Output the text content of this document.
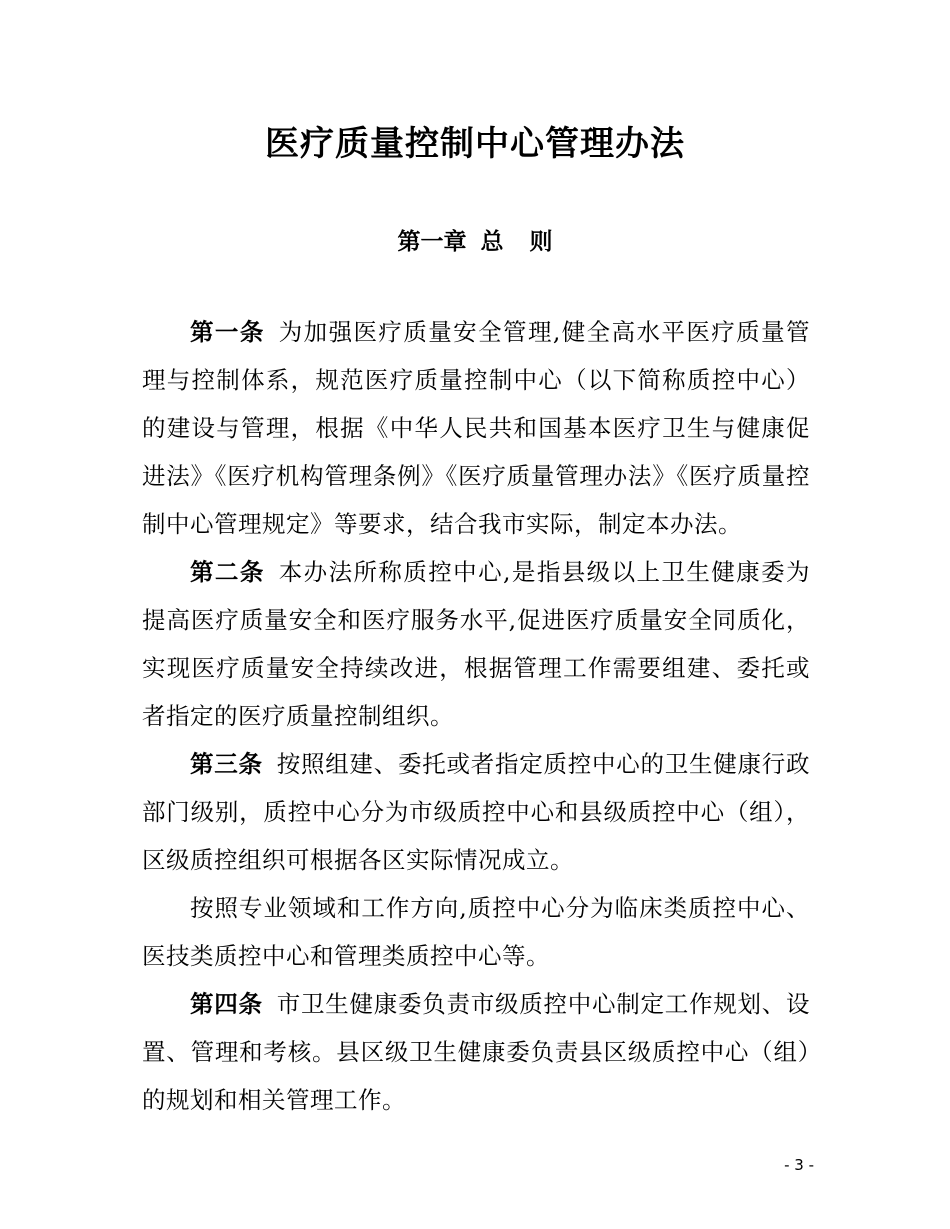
医疗质量控制中心管理办法
第一章 总 则

第一条 为加强医疗质量安全管理,健全高水平医疗质量管理与控制体系，规范医疗质量控制中心（以下简称质控中心）的建设与管理，根据《中华人民共和国基本医疗卫生与健康促进法》《医疗机构管理条例》《医疗质量管理办法》《医疗质量控制中心管理规定》等要求，结合我市实际，制定本办法。

第二条 本办法所称质控中心,是指县级以上卫生健康委为提高医疗质量安全和医疗服务水平,促进医疗质量安全同质化，实现医疗质量安全持续改进，根据管理工作需要组建、委托或者指定的医疗质量控制组织。

第三条 按照组建、委托或者指定质控中心的卫生健康行政部门级别，质控中心分为市级质控中心和县级质控中心（组），区级质控组织可根据各区实际情况成立。

按照专业领域和工作方向,质控中心分为临床类质控中心、医技类质控中心和管理类质控中心等。

第四条 市卫生健康委负责市级质控中心制定工作规划、设置、管理和考核。县区级卫生健康委负责县区级质控中心（组）的规划和相关管理工作。

- 3 -
